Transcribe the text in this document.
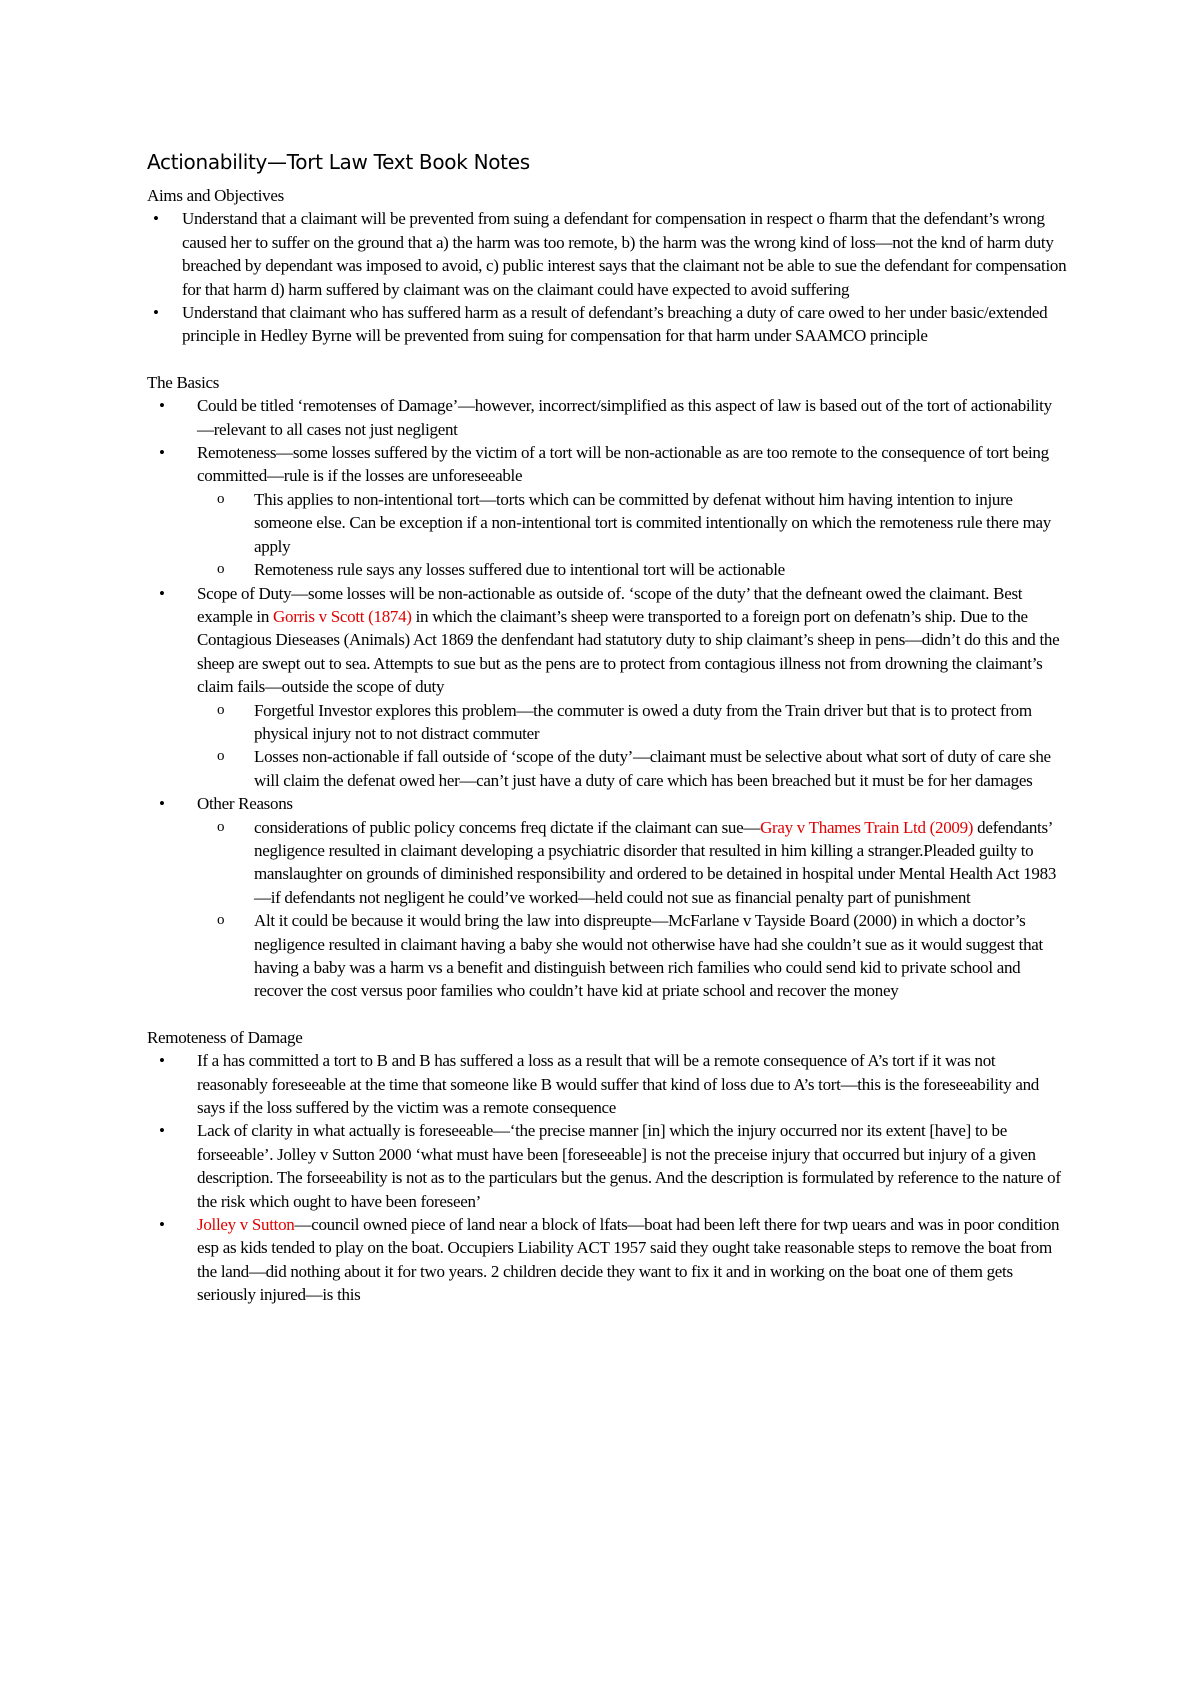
Actionability—Tort Law Text Book Notes

Aims and Objectives

• Understand that a claimant will be prevented from suing a defendant for compensation in respect o fharm that the defendant’s wrong caused her to suffer on the ground that a) the harm was too remote, b) the harm was the wrong kind of loss—not the knd of harm duty breached by dependant was imposed to avoid, c) public interest says that the claimant not be able to sue the defendant for compensation for that harm d) harm suffered by claimant was on the claimant could have expected to avoid suffering
• Understand that claimant who has suffered harm as a result of defendant’s breaching a duty of care owed to her under basic/extended principle in Hedley Byrne will be prevented from suing for compensation for that harm under SAAMCO principle

The Basics

• Could be titled ‘remotenses of Damage’—however, incorrect/simplified as this aspect of law is based out of the tort of actionability—relevant to all cases not just negligent
• Remoteness—some losses suffered by the victim of a tort will be non-actionable as are too remote to the consequence of tort being committed—rule is if the losses are unforeseeable
o This applies to non-intentional tort—torts which can be committed by defenat without him having intention to injure someone else. Can be exception if a non-intentional tort is commited intentionally on which the remoteness rule there may apply
o Remoteness rule says any losses suffered due to intentional tort will be actionable
• Scope of Duty—some losses will be non-actionable as outside of. ‘scope of the duty’ that the defneant owed the claimant. Best example in Gorris v Scott (1874) in which the claimant’s sheep were transported to a foreign port on defenatn’s ship. Due to the Contagious Dieseases (Animals) Act 1869 the denfendant had statutory duty to ship claimant’s sheep in pens—didn’t do this and the sheep are swept out to sea. Attempts to sue but as the pens are to protect from contagious illness not from drowning the claimant’s claim fails—outside the scope of duty
o Forgetful Investor explores this problem—the commuter is owed a duty from the Train driver but that is to protect from physical injury not to not distract commuter
o Losses non-actionable if fall outside of ‘scope of the duty’—claimant must be selective about what sort of duty of care she will claim the defenat owed her—can’t just have a duty of care which has been breached but it must be for her damages
• Other Reasons
o considerations of public policy concems freq dictate if the claimant can sue—Gray v Thames Train Ltd (2009) defendants’ negligence resulted in claimant developing a psychiatric disorder that resulted in him killing a stranger.Pleaded guilty to manslaughter on grounds of diminished responsibility and ordered to be detained in hospital under Mental Health Act 1983—if defendants not negligent he could’ve worked—held could not sue as financial penalty part of punishment
o Alt it could be because it would bring the law into dispreupte—McFarlane v Tayside Board (2000) in which a doctor’s negligence resulted in claimant having a baby she would not otherwise have had she couldn’t sue as it would suggest that having a baby was a harm vs a benefit and distinguish between rich families who could send kid to private school and recover the cost versus poor families who couldn’t have kid at priate school and recover the money

Remoteness of Damage

• If a has committed a tort to B and B has suffered a loss as a result that will be a remote consequence of A’s tort if it was not reasonably foreseeable at the time that someone like B would suffer that kind of loss due to A’s tort—this is the foreseeability and says if the loss suffered by the victim was a remote consequence
• Lack of clarity in what actually is foreseeable—‘the precise manner [in] which the injury occurred nor its extent [have] to be forseeable’. Jolley v Sutton 2000 ‘what must have been [foreseeable] is not the preceise injury that occurred but injury of a given description. The forseeability is not as to the particulars but the genus. And the description is formulated by reference to the nature of the risk which ought to have been foreseen’
• Jolley v Sutton—council owned piece of land near a block of lfats—boat had been left there for twp uears and was in poor condition esp as kids tended to play on the boat. Occupiers Liability ACT 1957 said they ought take reasonable steps to remove the boat from the land—did nothing about it for two years. 2 children decide they want to fix it and in working on the boat one of them gets seriously injured—is this
